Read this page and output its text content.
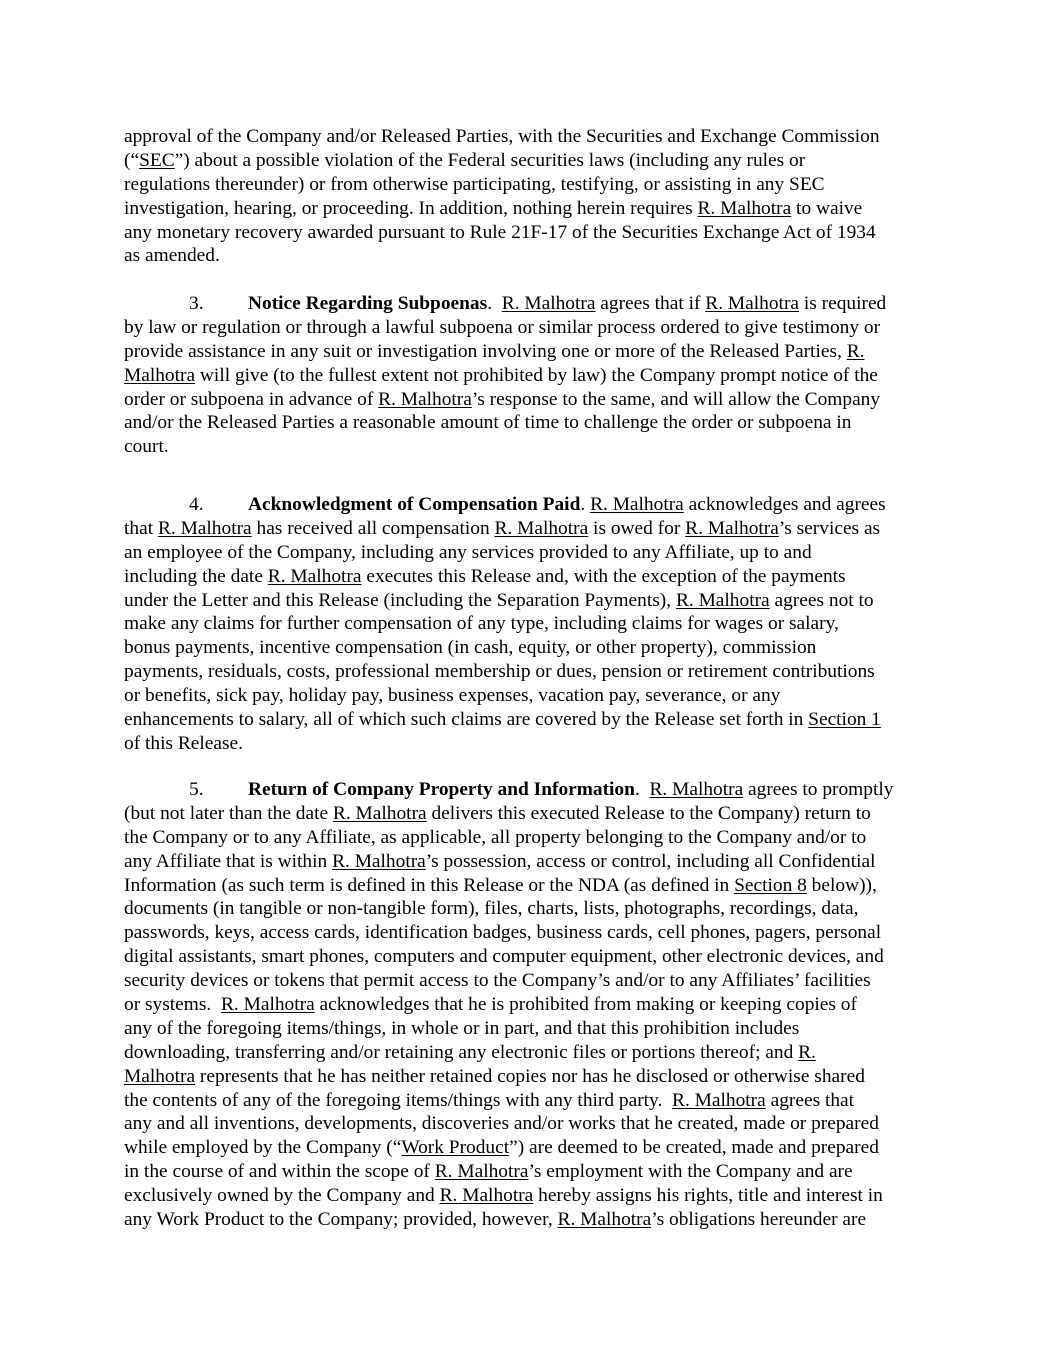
approval of the Company and/or Released Parties, with the Securities and Exchange Commission
(“SEC”) about a possible violation of the Federal securities laws (including any rules or
regulations thereunder) or from otherwise participating, testifying, or assisting in any SEC
investigation, hearing, or proceeding. In addition, nothing herein requires R. Malhotra to waive
any monetary recovery awarded pursuant to Rule 21F-17 of the Securities Exchange Act of 1934
as amended.
3. Notice Regarding Subpoenas.  R. Malhotra agrees that if R. Malhotra is required
by law or regulation or through a lawful subpoena or similar process ordered to give testimony or
provide assistance in any suit or investigation involving one or more of the Released Parties, R.
Malhotra will give (to the fullest extent not prohibited by law) the Company prompt notice of the
order or subpoena in advance of R. Malhotra’s response to the same, and will allow the Company
and/or the Released Parties a reasonable amount of time to challenge the order or subpoena in
court.
4. Acknowledgment of Compensation Paid. R. Malhotra acknowledges and agrees
that R. Malhotra has received all compensation R. Malhotra is owed for R. Malhotra’s services as
an employee of the Company, including any services provided to any Affiliate, up to and
including the date R. Malhotra executes this Release and, with the exception of the payments
under the Letter and this Release (including the Separation Payments), R. Malhotra agrees not to
make any claims for further compensation of any type, including claims for wages or salary,
bonus payments, incentive compensation (in cash, equity, or other property), commission
payments, residuals, costs, professional membership or dues, pension or retirement contributions
or benefits, sick pay, holiday pay, business expenses, vacation pay, severance, or any
enhancements to salary, all of which such claims are covered by the Release set forth in Section 1
of this Release.
5. Return of Company Property and Information.  R. Malhotra agrees to promptly
(but not later than the date R. Malhotra delivers this executed Release to the Company) return to
the Company or to any Affiliate, as applicable, all property belonging to the Company and/or to
any Affiliate that is within R. Malhotra’s possession, access or control, including all Confidential
Information (as such term is defined in this Release or the NDA (as defined in Section 8 below)),
documents (in tangible or non-tangible form), files, charts, lists, photographs, recordings, data,
passwords, keys, access cards, identification badges, business cards, cell phones, pagers, personal
digital assistants, smart phones, computers and computer equipment, other electronic devices, and
security devices or tokens that permit access to the Company’s and/or to any Affiliates’ facilities
or systems.  R. Malhotra acknowledges that he is prohibited from making or keeping copies of
any of the foregoing items/things, in whole or in part, and that this prohibition includes
downloading, transferring and/or retaining any electronic files or portions thereof; and R.
Malhotra represents that he has neither retained copies nor has he disclosed or otherwise shared
the contents of any of the foregoing items/things with any third party.  R. Malhotra agrees that
any and all inventions, developments, discoveries and/or works that he created, made or prepared
while employed by the Company (“Work Product”) are deemed to be created, made and prepared
in the course of and within the scope of R. Malhotra’s employment with the Company and are
exclusively owned by the Company and R. Malhotra hereby assigns his rights, title and interest in
any Work Product to the Company; provided, however, R. Malhotra’s obligations hereunder are
